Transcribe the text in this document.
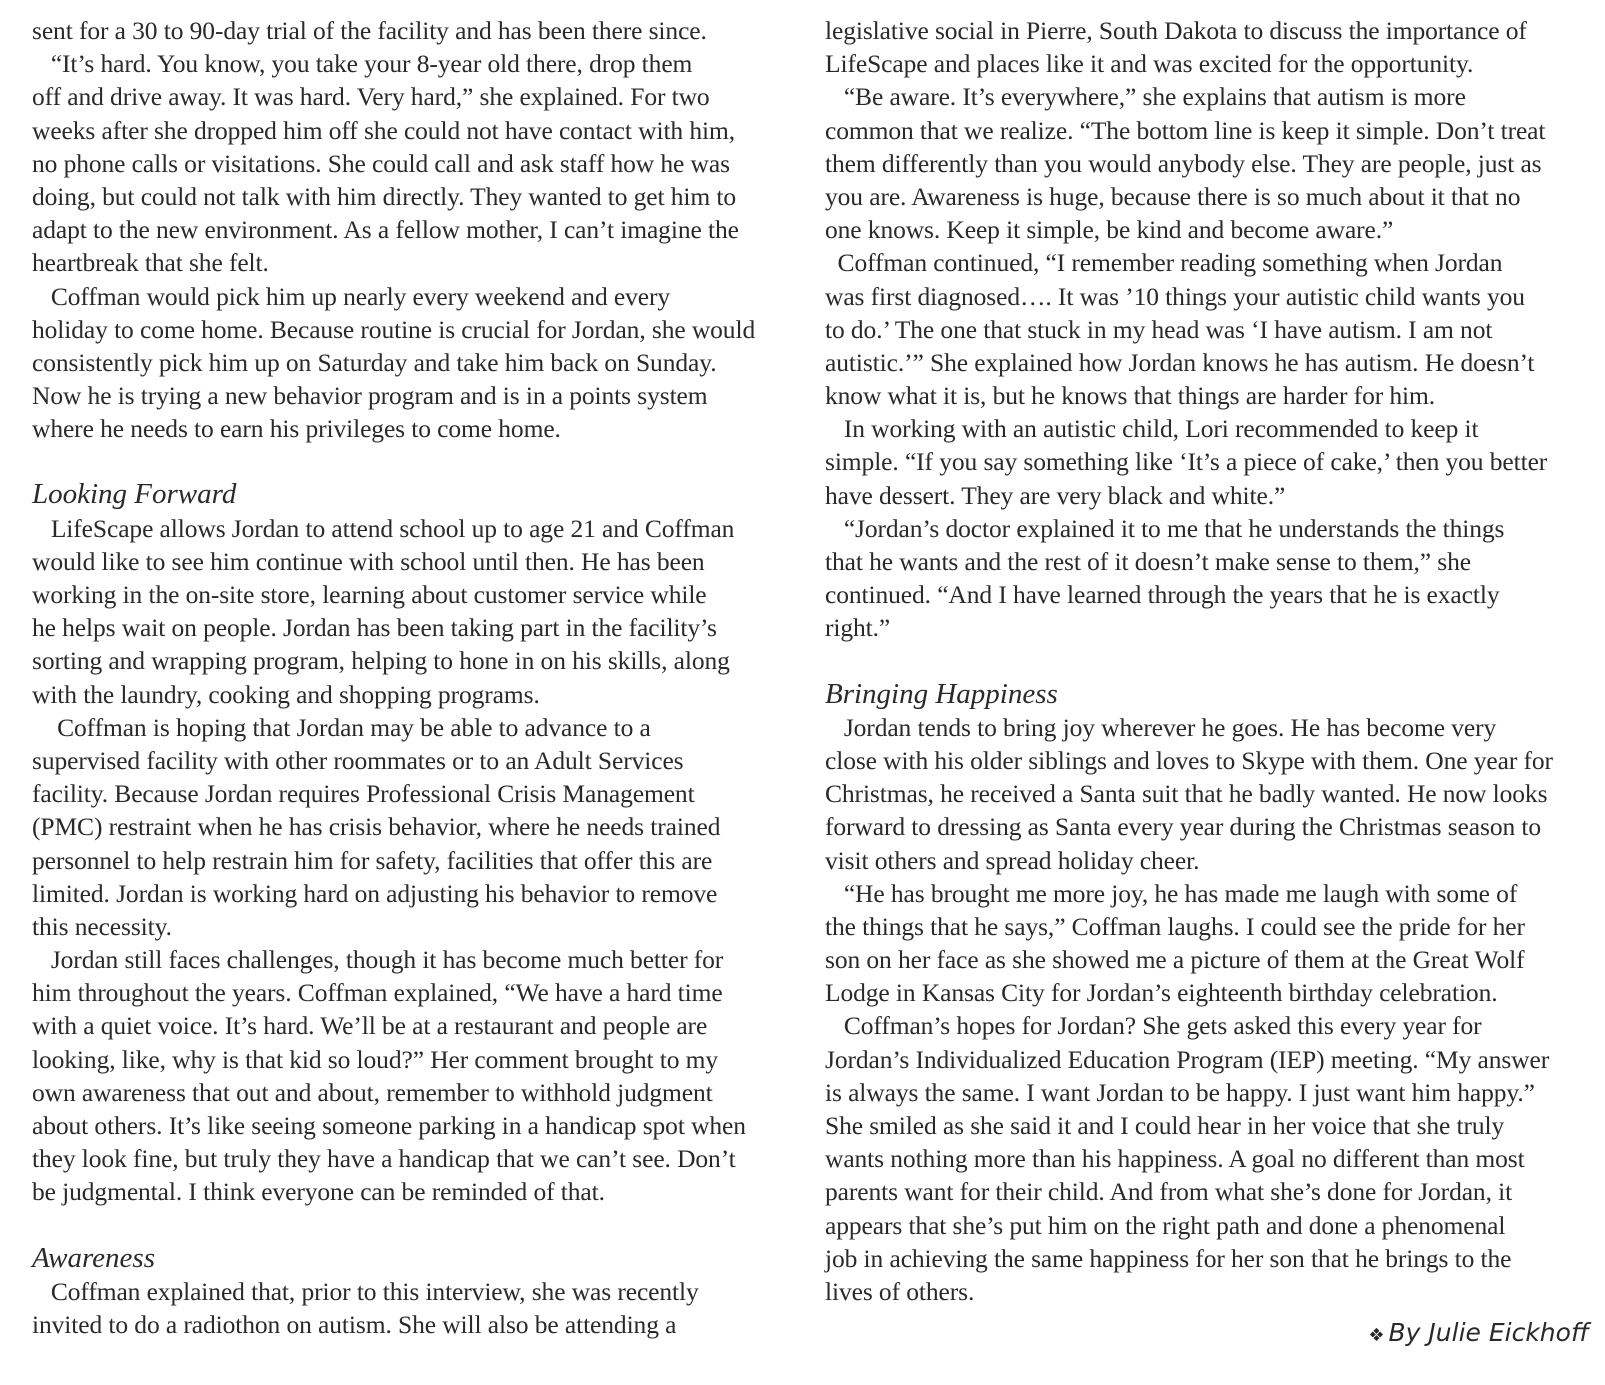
sent for a 30 to 90-day trial of the facility and has been there since.
“It’s hard. You know, you take your 8-year old there, drop them
off and drive away. It was hard. Very hard,” she explained. For two
weeks after she dropped him off she could not have contact with him,
no phone calls or visitations. She could call and ask staff how he was
doing, but could not talk with him directly. They wanted to get him to
adapt to the new environment. As a fellow mother, I can’t imagine the
heartbreak that she felt.
Coffman would pick him up nearly every weekend and every
holiday to come home. Because routine is crucial for Jordan, she would
consistently pick him up on Saturday and take him back on Sunday.
Now he is trying a new behavior program and is in a points system
where he needs to earn his privileges to come home.
Looking Forward
LifeScape allows Jordan to attend school up to age 21 and Coffman
would like to see him continue with school until then. He has been
working in the on-site store, learning about customer service while
he helps wait on people. Jordan has been taking part in the facility’s
sorting and wrapping program, helping to hone in on his skills, along
with the laundry, cooking and shopping programs.
Coffman is hoping that Jordan may be able to advance to a
supervised facility with other roommates or to an Adult Services
facility. Because Jordan requires Professional Crisis Management
(PMC) restraint when he has crisis behavior, where he needs trained
personnel to help restrain him for safety, facilities that offer this are
limited. Jordan is working hard on adjusting his behavior to remove
this necessity.
Jordan still faces challenges, though it has become much better for
him throughout the years. Coffman explained, “We have a hard time
with a quiet voice. It’s hard. We’ll be at a restaurant and people are
looking, like, why is that kid so loud?” Her comment brought to my
own awareness that out and about, remember to withhold judgment
about others. It’s like seeing someone parking in a handicap spot when
they look fine, but truly they have a handicap that we can’t see. Don’t
be judgmental. I think everyone can be reminded of that.
Awareness
Coffman explained that, prior to this interview, she was recently
invited to do a radiothon on autism. She will also be attending a
legislative social in Pierre, South Dakota to discuss the importance of
LifeScape and places like it and was excited for the opportunity.
“Be aware. It’s everywhere,” she explains that autism is more
common that we realize. “The bottom line is keep it simple. Don’t treat
them differently than you would anybody else. They are people, just as
you are. Awareness is huge, because there is so much about it that no
one knows. Keep it simple, be kind and become aware.”
Coffman continued, “I remember reading something when Jordan
was first diagnosed…. It was ’10 things your autistic child wants you
to do.’ The one that stuck in my head was ‘I have autism. I am not
autistic.’” She explained how Jordan knows he has autism. He doesn’t
know what it is, but he knows that things are harder for him.
In working with an autistic child, Lori recommended to keep it
simple. “If you say something like ‘It’s a piece of cake,’ then you better
have dessert. They are very black and white.”
“Jordan’s doctor explained it to me that he understands the things
that he wants and the rest of it doesn’t make sense to them,” she
continued. “And I have learned through the years that he is exactly
right.”
Bringing Happiness
Jordan tends to bring joy wherever he goes. He has become very
close with his older siblings and loves to Skype with them. One year for
Christmas, he received a Santa suit that he badly wanted. He now looks
forward to dressing as Santa every year during the Christmas season to
visit others and spread holiday cheer.
“He has brought me more joy, he has made me laugh with some of
the things that he says,” Coffman laughs. I could see the pride for her
son on her face as she showed me a picture of them at the Great Wolf
Lodge in Kansas City for Jordan’s eighteenth birthday celebration.
Coffman’s hopes for Jordan? She gets asked this every year for
Jordan’s Individualized Education Program (IEP) meeting. “My answer
is always the same. I want Jordan to be happy. I just want him happy.”
She smiled as she said it and I could hear in her voice that she truly
wants nothing more than his happiness. A goal no different than most
parents want for their child. And from what she’s done for Jordan, it
appears that she’s put him on the right path and done a phenomenal
job in achieving the same happiness for her son that he brings to the
lives of others.
❖ By Julie Eickhoff
